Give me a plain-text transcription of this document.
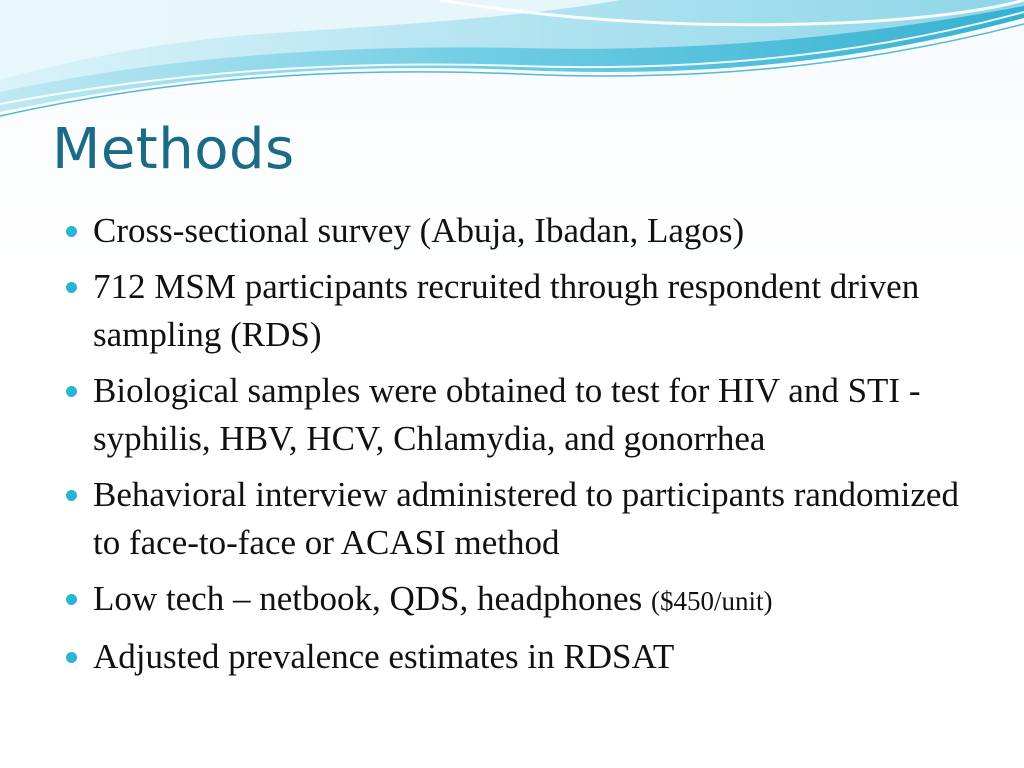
Methods
Cross-sectional survey (Abuja, Ibadan, Lagos)
712 MSM participants recruited through respondent driven sampling (RDS)
Biological samples were obtained to test for HIV and STI - syphilis, HBV, HCV, Chlamydia, and gonorrhea
Behavioral interview administered to participants randomized to face-to-face or ACASI method
Low tech – netbook, QDS, headphones ($450/unit)
Adjusted prevalence estimates in RDSAT
